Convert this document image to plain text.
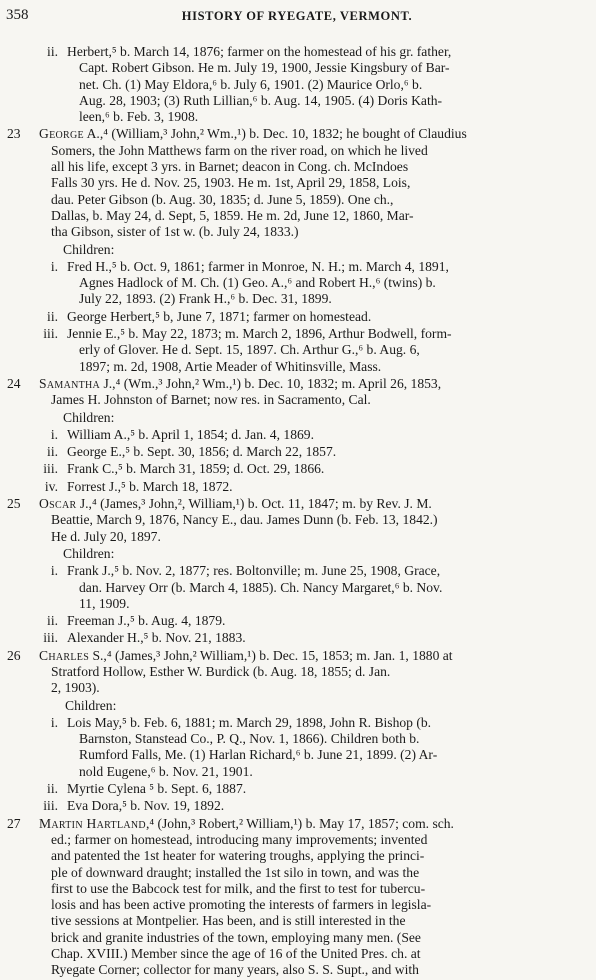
358	HISTORY OF RYEGATE, VERMONT.
ii. Herbert,⁵ b. March 14, 1876; farmer on the homestead of his gr. father,
Capt. Robert Gibson. He m. July 19, 1900, Jessie Kingsbury of Bar-
net. Ch. (1) May Eldora,⁶ b. July 6, 1901. (2) Maurice Orlo,⁶ b.
Aug. 28, 1903; (3) Ruth Lillian,⁶ b. Aug. 14, 1905. (4) Doris Kath-
leen,⁶ b. Feb. 3, 1908.
23 George A.,⁴ (William,³ John,² Wm.,¹) b. Dec. 10, 1832; he bought of Claudius
Somers, the John Matthews farm on the river road, on which he lived
all his life, except 3 yrs. in Barnet; deacon in Cong. ch. McIndoes
Falls 30 yrs. He d. Nov. 25, 1903. He m. 1st, April 29, 1858, Lois,
dau. Peter Gibson (b. Aug. 30, 1835; d. June 5, 1859). One ch.,
Dallas, b. May 24, d. Sept, 5, 1859. He m. 2d, June 12, 1860, Mar-
tha Gibson, sister of 1st w. (b. July 24, 1833.)
Children:
i. Fred H.,⁵ b. Oct. 9, 1861; farmer in Monroe, N. H.; m. March 4, 1891,
Agnes Hadlock of M. Ch. (1) Geo. A.,⁶ and Robert H.,⁶ (twins) b.
July 22, 1893. (2) Frank H.,⁶ b. Dec. 31, 1899.
ii. George Herbert,⁵ b, June 7, 1871; farmer on homestead.
iii. Jennie E.,⁵ b. May 22, 1873; m. March 2, 1896, Arthur Bodwell, form-
erly of Glover. He d. Sept. 15, 1897. Ch. Arthur G.,⁶ b. Aug. 6,
1897; m. 2d, 1908, Artie Meader of Whitinsville, Mass.
24 Samantha J.,⁴ (Wm.,³ John,² Wm.,¹) b. Dec. 10, 1832; m. April 26, 1853,
James H. Johnston of Barnet; now res. in Sacramento, Cal.
Children:
i. William A.,⁵ b. April 1, 1854; d. Jan. 4, 1869.
ii. George E.,⁵ b. Sept. 30, 1856; d. March 22, 1857.
iii. Frank C.,⁵ b. March 31, 1859; d. Oct. 29, 1866.
iv. Forrest J.,⁵ b. March 18, 1872.
25 Oscar J.,⁴ (James,³ John,², William,¹) b. Oct. 11, 1847; m. by Rev. J. M.
Beattie, March 9, 1876, Nancy E., dau. James Dunn (b. Feb. 13, 1842.)
He d. July 20, 1897.
Children:
i. Frank J.,⁵ b. Nov. 2, 1877; res. Boltonville; m. June 25, 1908, Grace,
dan. Harvey Orr (b. March 4, 1885). Ch. Nancy Margaret,⁶ b. Nov.
11, 1909.
ii. Freeman J.,⁵ b. Aug. 4, 1879.
iii. Alexander H.,⁵ b. Nov. 21, 1883.
26 Charles S.,⁴ (James,³ John,² William,¹) b. Dec. 15, 1853; m. Jan. 1, 1880 at
Stratford Hollow, Esther W. Burdick (b. Aug. 18, 1855; d. Jan.
2, 1903).
Children:
i. Lois May,⁵ b. Feb. 6, 1881; m. March 29, 1898, John R. Bishop (b.
Barnston, Stanstead Co., P. Q., Nov. 1, 1866). Children both b.
Rumford Falls, Me. (1) Harlan Richard,⁶ b. June 21, 1899. (2) Ar-
nold Eugene,⁶ b. Nov. 21, 1901.
ii. Myrtie Cylena ⁵ b. Sept. 6, 1887.
iii. Eva Dora,⁵ b. Nov. 19, 1892.
27 Martin Hartland,⁴ (John,³ Robert,² William,¹) b. May 17, 1857; com. sch.
ed.; farmer on homestead, introducing many improvements; invented
and patented the 1st heater for watering troughs, applying the princi-
ple of downward draught; installed the 1st silo in town, and was the
first to use the Babcock test for milk, and the first to test for tubercu-
losis and has been active promoting the interests of farmers in legisla-
tive sessions at Montpelier. Has been, and is still interested in the
brick and granite industries of the town, employing many men. (See
Chap. XVIII.) Member since the age of 16 of the United Pres. ch. at
Ryegate Corner; collector for many years, also S. S. Supt., and with
